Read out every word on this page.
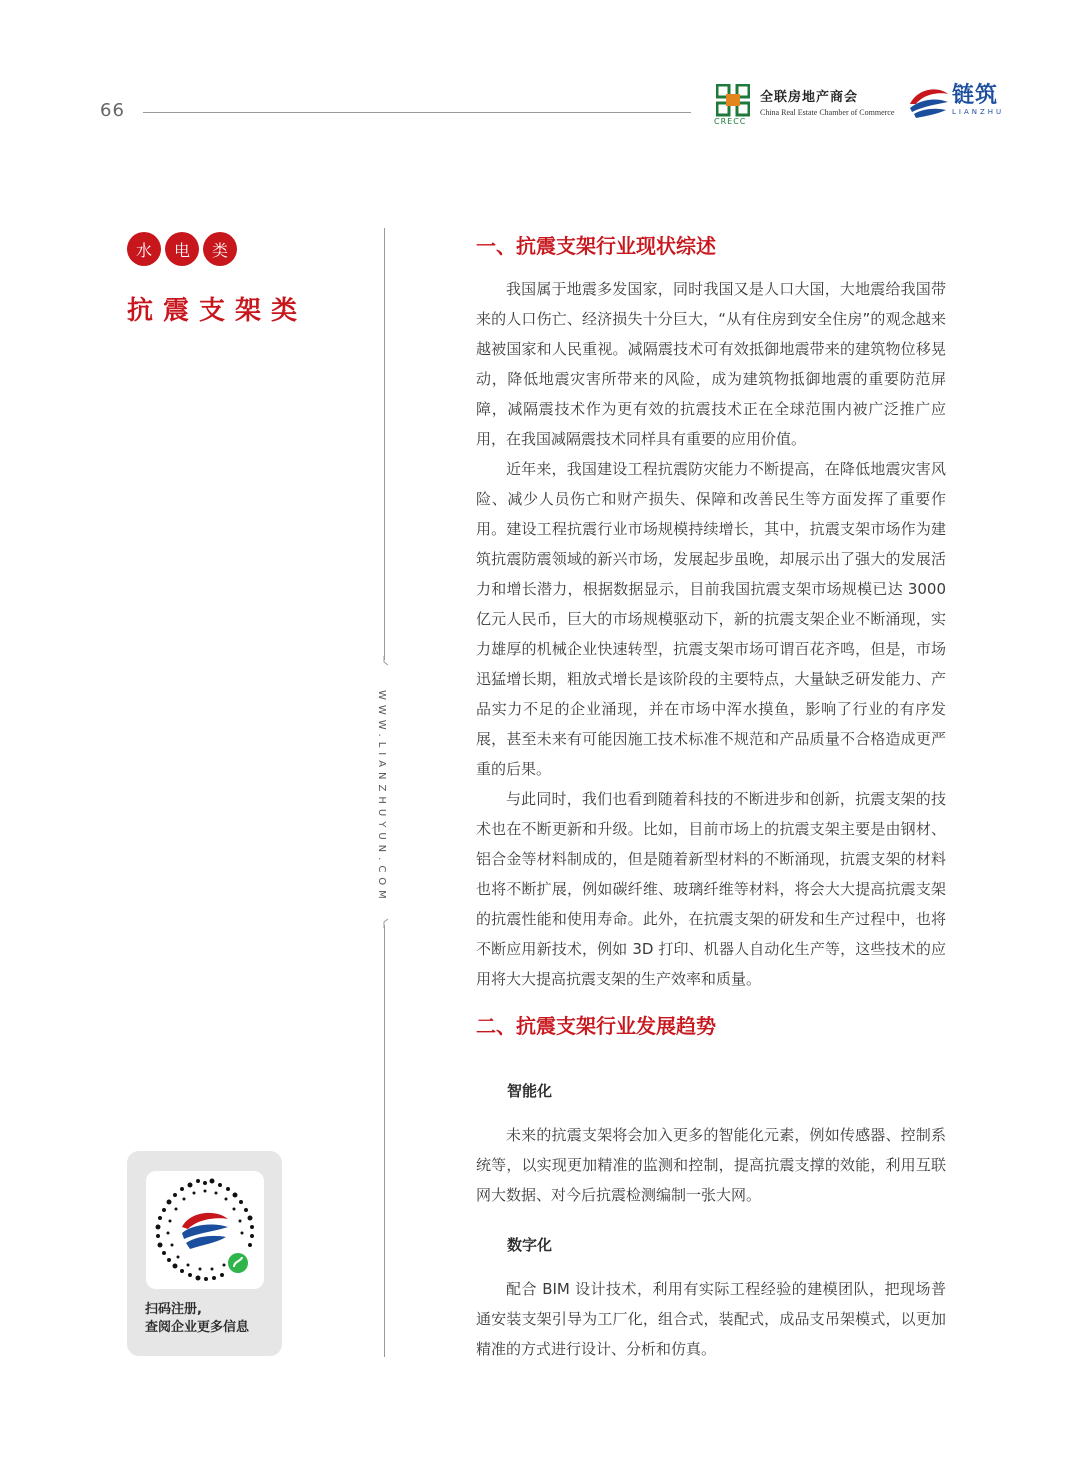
66
CRECC
全联房地产商会
China Real Estate Chamber of Commerce
链筑
LIANZHU
水	电	类
抗震支架类
WWW.LIANZHUYUN.COM
扫码注册,
查阅企业更多信息
一、抗震支架行业现状综述

我国属于地震多发国家，同时我国又是人口大国，大地震给我国带来的人口伤亡、经济损失十分巨大，“从有住房到安全住房”的观念越来越被国家和人民重视。减隔震技术可有效抵御地震带来的建筑物位移晃动，降低地震灾害所带来的风险，成为建筑物抵御地震的重要防范屏障，减隔震技术作为更有效的抗震技术正在全球范围内被广泛推广应用，在我国减隔震技术同样具有重要的应用价值。

近年来，我国建设工程抗震防灾能力不断提高，在降低地震灾害风险、减少人员伤亡和财产损失、保障和改善民生等方面发挥了重要作用。建设工程抗震行业市场规模持续增长，其中，抗震支架市场作为建筑抗震防震领域的新兴市场，发展起步虽晚，却展示出了强大的发展活力和增长潜力，根据数据显示，目前我国抗震支架市场规模已达 3000 亿元人民币，巨大的市场规模驱动下，新的抗震支架企业不断涌现，实力雄厚的机械企业快速转型，抗震支架市场可谓百花齐鸣，但是，市场迅猛增长期，粗放式增长是该阶段的主要特点，大量缺乏研发能力、产品实力不足的企业涌现，并在市场中浑水摸鱼，影响了行业的有序发展，甚至未来有可能因施工技术标准不规范和产品质量不合格造成更严重的后果。

与此同时，我们也看到随着科技的不断进步和创新，抗震支架的技术也在不断更新和升级。比如，目前市场上的抗震支架主要是由钢材、铝合金等材料制成的，但是随着新型材料的不断涌现，抗震支架的材料也将不断扩展，例如碳纤维、玻璃纤维等材料，将会大大提高抗震支架的抗震性能和使用寿命。此外，在抗震支架的研发和生产过程中，也将不断应用新技术，例如 3D 打印、机器人自动化生产等，这些技术的应用将大大提高抗震支架的生产效率和质量。

二、抗震支架行业发展趋势
智能化

未来的抗震支架将会加入更多的智能化元素，例如传感器、控制系统等，以实现更加精准的监测和控制，提高抗震支撑的效能，利用互联网大数据、对今后抗震检测编制一张大网。

数字化

配合 BIM 设计技术，利用有实际工程经验的建模团队，把现场普通安装支架引导为工厂化，组合式，装配式，成品支吊架模式，以更加精准的方式进行设计、分析和仿真。
